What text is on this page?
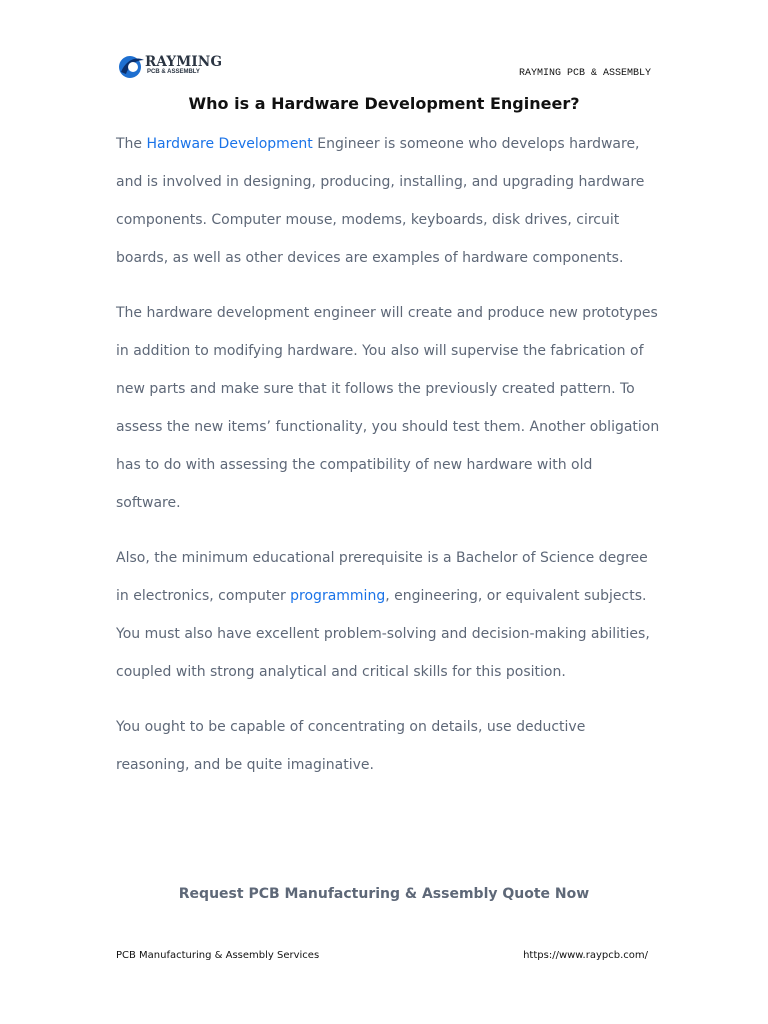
RAYMING
PCB & ASSEMBLY	RAYMING PCB & ASSEMBLY
Who is a Hardware Development Engineer?

The Hardware Development Engineer is someone who develops hardware, and is involved in designing, producing, installing, and upgrading hardware components. Computer mouse, modems, keyboards, disk drives, circuit boards, as well as other devices are examples of hardware components.

The hardware development engineer will create and produce new prototypes in addition to modifying hardware. You also will supervise the fabrication of new parts and make sure that it follows the previously created pattern. To assess the new items’ functionality, you should test them. Another obligation has to do with assessing the compatibility of new hardware with old software.

Also, the minimum educational prerequisite is a Bachelor of Science degree in electronics, computer programming, engineering, or equivalent subjects. You must also have excellent problem-solving and decision-making abilities, coupled with strong analytical and critical skills for this position.

You ought to be capable of concentrating on details, use deductive reasoning, and be quite imaginative.

Request PCB Manufacturing & Assembly Quote Now
PCB Manufacturing & Assembly Services	https://www.raypcb.com/
